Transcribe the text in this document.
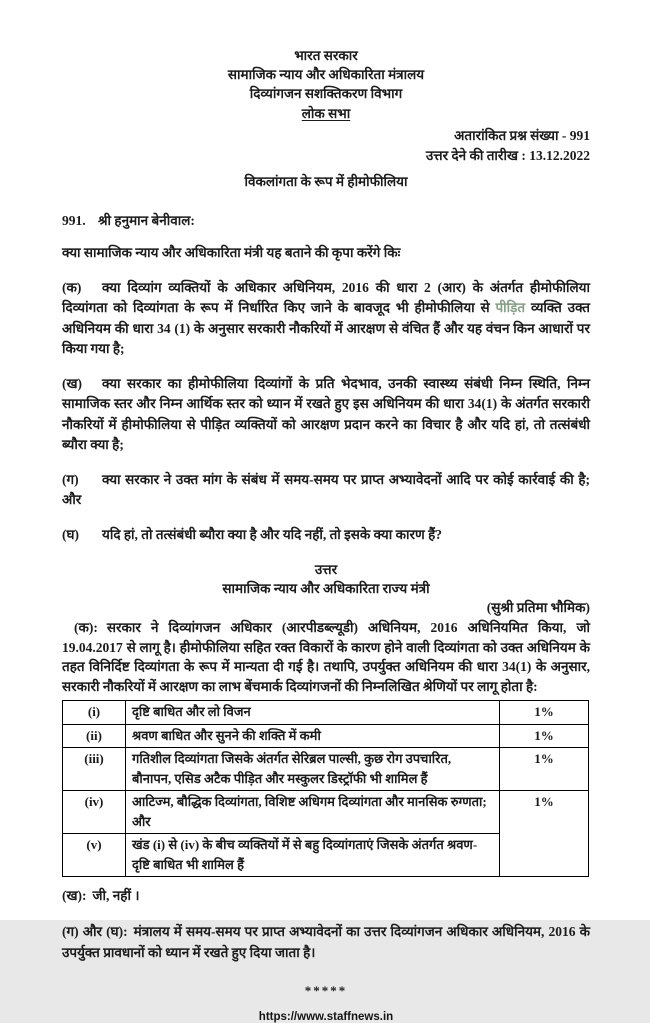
भारत सरकार
सामाजिक न्याय और अधिकारिता मंत्रालय
दिव्यांगजन सशक्तिकरण विभाग
लोक सभा
अतारांकित प्रश्न संख्या - 991
उत्तर देने की तारीख : 13.12.2022
विकलांगता के रूप में हीमोफीलिया

991. श्री हनुमान बेनीवाल:

क्या सामाजिक न्याय और अधिकारिता मंत्री यह बताने की कृपा करेंगे किः

(क) क्या दिव्यांग व्यक्तियों के अधिकार अधिनियम, 2016 की धारा 2 (आर) के अंतर्गत हीमोफीलिया दिव्यांगता को दिव्यांगता के रूप में निर्धारित किए जाने के बावजूद भी हीमोफीलिया से पीड़ित व्यक्ति उक्त अधिनियम की धारा 34 (1) के अनुसार सरकारी नौकरियों में आरक्षण से वंचित हैं और यह वंचन किन आधारों पर किया गया है;

(ख) क्या सरकार का हीमोफीलिया दिव्यांगों के प्रति भेदभाव, उनकी स्वास्थ्य संबंधी निम्न स्थिति, निम्न सामाजिक स्तर और निम्न आर्थिक स्तर को ध्यान में रखते हुए इस अधिनियम की धारा 34(1) के अंतर्गत सरकारी नौकरियों में हीमोफीलिया से पीड़ित व्यक्तियों को आरक्षण प्रदान करने का विचार है और यदि हां, तो तत्संबंधी ब्यौरा क्या है;

(ग) क्या सरकार ने उक्त मांग के संबंध में समय-समय पर प्राप्त अभ्यावेदनों आदि पर कोई कार्रवाई की है; और

(घ) यदि हां, तो तत्संबंधी ब्यौरा क्या है और यदि नहीं, तो इसके क्या कारण हैं?

उत्तर
सामाजिक न्याय और अधिकारिता राज्य मंत्री
(सुश्री प्रतिमा भौमिक)

(क): सरकार ने दिव्यांगजन अधिकार (आरपीडब्ल्यूडी) अधिनियम, 2016 अधिनियमित किया, जो 19.04.2017 से लागू है। हीमोफीलिया सहित रक्त विकारों के कारण होने वाली दिव्यांगता को उक्त अधिनियम के तहत विनिर्दिष्ट दिव्यांगता के रूप में मान्यता दी गई है। तथापि, उपर्युक्त अधिनियम की धारा 34(1) के अनुसार, सरकारी नौकरियों में आरक्षण का लाभ बेंचमार्क दिव्यांगजनों की निम्नलिखित श्रेणियों पर लागू होता है:

(i)	दृष्टि बाधित और लो विजन	1%
(ii)	श्रवण बाधित और सुनने की शक्ति में कमी	1%
(iii)	गतिशील दिव्यांगता जिसके अंतर्गत सेरिब्रल पाल्सी, कुछ रोग उपचारित, बौनापन, एसिड अटैक पीड़ित और मस्कुलर डिस्ट्रॉफी भी शामिल हैं	1%
(iv)	आटिज्म, बौद्धिक दिव्यांगता, विशिष्ट अधिगम दिव्यांगता और मानसिक रुग्णता; और	1%
(v)	खंड (i) से (iv) के बीच व्यक्तियों में से बहु दिव्यांगताएं जिसके अंतर्गत श्रवण- दृष्टि बाधित भी शामिल हैं	

(ख): जी, नहीं ।

(ग) और (घ): मंत्रालय में समय-समय पर प्राप्त अभ्यावेदनों का उत्तर दिव्यांगजन अधिकार अधिनियम, 2016 के उपर्युक्त प्रावधानों को ध्यान में रखते हुए दिया जाता है।

*****
https://www.staffnews.in
